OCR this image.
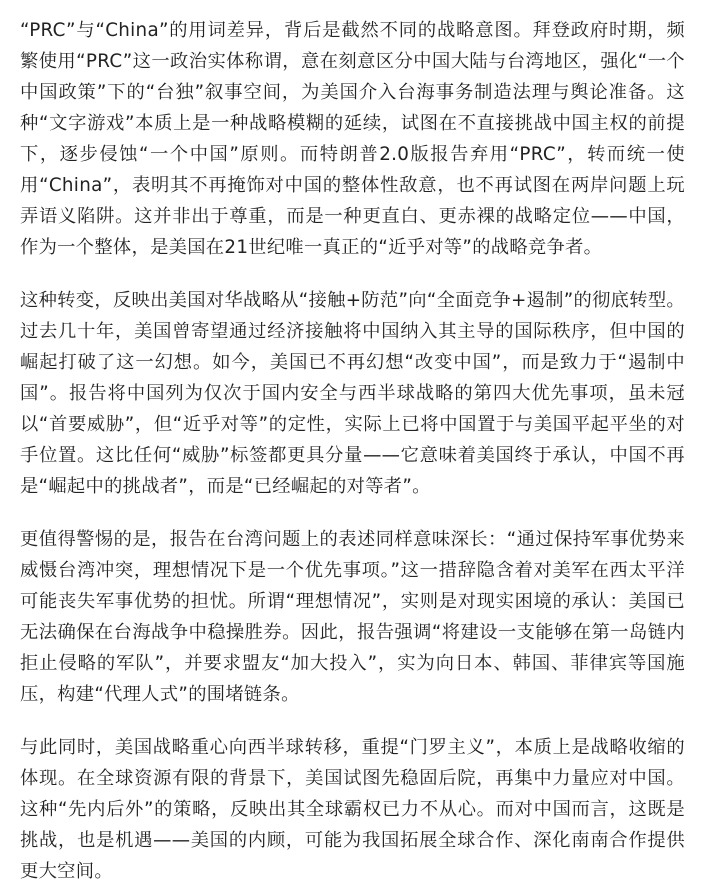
“PRC”与“China”的用词差异，背后是截然不同的战略意图。拜登政府时期，频繁使用“PRC”这一政治实体称谓，意在刻意区分中国大陆与台湾地区，强化“一个中国政策”下的“台独”叙事空间，为美国介入台海事务制造法理与舆论准备。这种“文字游戏”本质上是一种战略模糊的延续，试图在不直接挑战中国主权的前提下，逐步侵蚀“一个中国”原则。而特朗普2.0版报告弃用“PRC”，转而统一使用“China”，表明其不再掩饰对中国的整体性敌意，也不再试图在两岸问题上玩弄语义陷阱。这并非出于尊重，而是一种更直白、更赤裸的战略定位——中国，作为一个整体，是美国在21世纪唯一真正的“近乎对等”的战略竞争者。

这种转变，反映出美国对华战略从“接触+防范”向“全面竞争+遏制”的彻底转型。过去几十年，美国曾寄望通过经济接触将中国纳入其主导的国际秩序，但中国的崛起打破了这一幻想。如今，美国已不再幻想“改变中国”，而是致力于“遏制中国”。报告将中国列为仅次于国内安全与西半球战略的第四大优先事项，虽未冠以“首要威胁”，但“近乎对等”的定性，实际上已将中国置于与美国平起平坐的对手位置。这比任何“威胁”标签都更具分量——它意味着美国终于承认，中国不再是“崛起中的挑战者”，而是“已经崛起的对等者”。

更值得警惕的是，报告在台湾问题上的表述同样意味深长：“通过保持军事优势来威慑台湾冲突，理想情况下是一个优先事项。”这一措辞隐含着对美军在西太平洋可能丧失军事优势的担忧。所谓“理想情况”，实则是对现实困境的承认：美国已无法确保在台海战争中稳操胜券。因此，报告强调“将建设一支能够在第一岛链内拒止侵略的军队”，并要求盟友“加大投入”，实为向日本、韩国、菲律宾等国施压，构建“代理人式”的围堵链条。

与此同时，美国战略重心向西半球转移，重提“门罗主义”，本质上是战略收缩的体现。在全球资源有限的背景下，美国试图先稳固后院，再集中力量应对中国。这种“先内后外”的策略，反映出其全球霸权已力不从心。而对中国而言，这既是挑战，也是机遇——美国的内顾，可能为我国拓展全球合作、深化南南合作提供更大空间。
